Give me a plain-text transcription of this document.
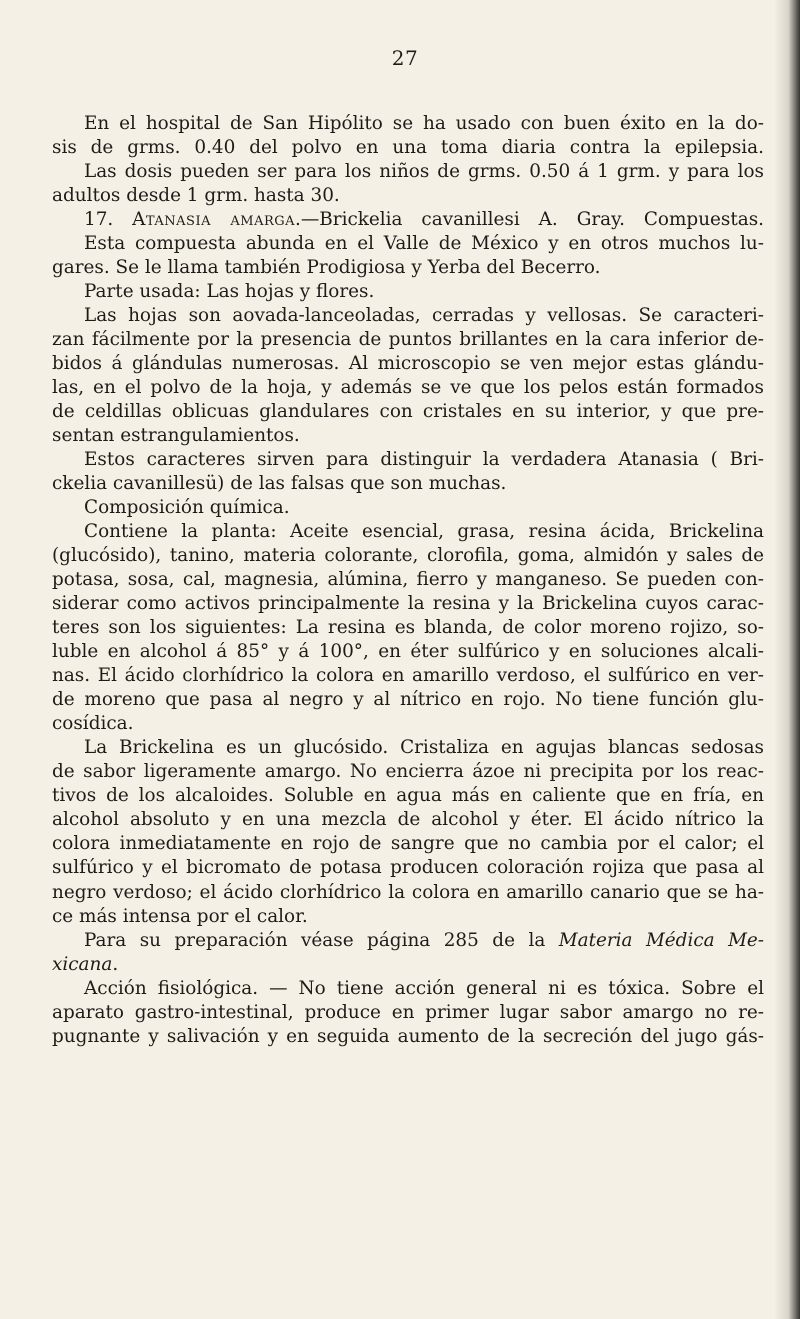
27
En el hospital de San Hipólito se ha usado con buen éxito en la do-
sis de grms. 0.40 del polvo en una toma diaria contra la epilepsia.
Las dosis pueden ser para los niños de grms. 0.50 á 1 grm. y para los
adultos desde 1 grm. hasta 30.
17. Atanasia amarga.—Brickelia cavanillesi A. Gray. Compuestas.
Esta compuesta abunda en el Valle de México y en otros muchos lu-
gares. Se le llama también Prodigiosa y Yerba del Becerro.
Parte usada: Las hojas y flores.
Las hojas son aovada-lanceoladas, cerradas y vellosas. Se caracteri-
zan fácilmente por la presencia de puntos brillantes en la cara inferior de-
bidos á glándulas numerosas. Al microscopio se ven mejor estas glándu-
las, en el polvo de la hoja, y además se ve que los pelos están formados
de celdillas oblicuas glandulares con cristales en su interior, y que pre-
sentan estrangulamientos.
Estos caracteres sirven para distinguir la verdadera Atanasia ( Bri-
ckelia cavanillesü) de las falsas que son muchas.
Composición química.
Contiene la planta: Aceite esencial, grasa, resina ácida, Brickelina
(glucósido), tanino, materia colorante, clorofila, goma, almidón y sales de
potasa, sosa, cal, magnesia, alúmina, fierro y manganeso. Se pueden con-
siderar como activos principalmente la resina y la Brickelina cuyos carac-
teres son los siguientes: La resina es blanda, de color moreno rojizo, so-
luble en alcohol á 85° y á 100°, en éter sulfúrico y en soluciones alcali-
nas. El ácido clorhídrico la colora en amarillo verdoso, el sulfúrico en ver-
de moreno que pasa al negro y al nítrico en rojo. No tiene función glu-
cosídica.
La Brickelina es un glucósido. Cristaliza en agujas blancas sedosas
de sabor ligeramente amargo. No encierra ázoe ni precipita por los reac-
tivos de los alcaloides. Soluble en agua más en caliente que en fría, en
alcohol absoluto y en una mezcla de alcohol y éter. El ácido nítrico la
colora inmediatamente en rojo de sangre que no cambia por el calor; el
sulfúrico y el bicromato de potasa producen coloración rojiza que pasa al
negro verdoso; el ácido clorhídrico la colora en amarillo canario que se ha-
ce más intensa por el calor.
Para su preparación véase página 285 de la Materia Médica Me-
xicana.
Acción fisiológica. — No tiene acción general ni es tóxica. Sobre el
aparato gastro-intestinal, produce en primer lugar sabor amargo no re-
pugnante y salivación y en seguida aumento de la secreción del jugo gás-
